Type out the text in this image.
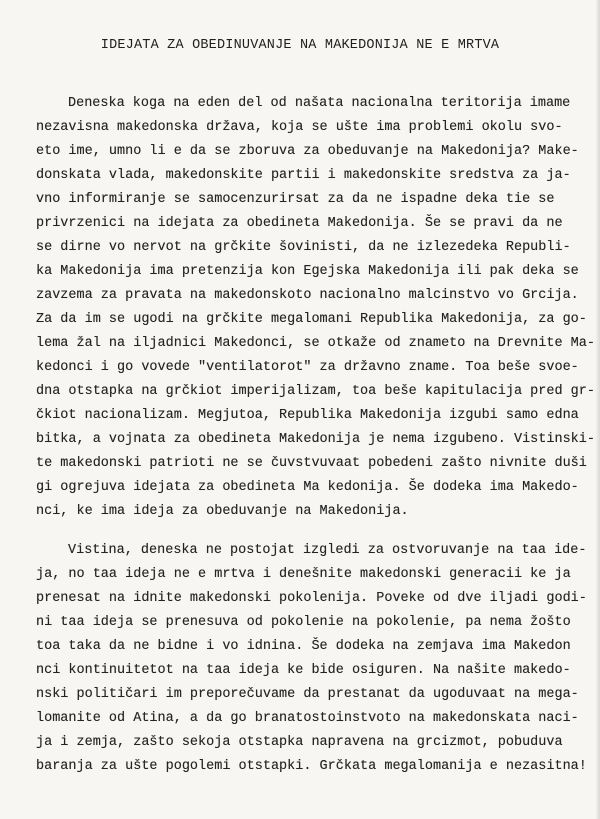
IDEJATA ZA OBEDINUVANJE NA MAKEDONIJA NE E MRTVA
Deneska koga na eden del od našata nacionalna teritorija imame
nezavisna makedonska država, koja se ušte ima problemi okolu svo-
eto ime, umno li e da se zboruva za obeduvanje na Makedonija? Make-
donskata vlada, makedonskite partii i makedonskite sredstva za ja-
vno informiranje se samocenzurirsat za da ne ispadne deka tie se
privrzenici na idejata za obedineta Makedonija. Še se pravi da ne
se dirne vo nervot na grčkite šovinisti, da ne izlezedeka Republi-
ka Makedonija ima pretenzija kon Egejska Makedonija ili pak deka se
zavzema za pravata na makedonskoto nacionalno malcinstvo vo Grcija.
Za da im se ugodi na grčkite megalomani Republika Makedonija, za go-
lema žal na iljadnici Makedonci, se otkaže od znameto na Drevnite Ma-
kedonci i go vovede "ventilatorot" za državno zname. Toa beše svoe-
dna otstapka na grčkiot imperijalizam, toa beše kapitulacija pred gr-
čkiot nacionalizam. Megjutoa, Republika Makedonija izgubi samo edna
bitka, a vojnata za obedineta Makedonija je nema izgubeno. Vistinski-
te makedonski patrioti ne se čuvstvuvaat pobedeni zašto nivnite duši
gi ogrejuva idejata za obedineta Ma kedonija. Še dodeka ima Makedo-
nci, ke ima ideja za obeduvanje na Makedonija.
Vistina, deneska ne postojat izgledi za ostvoruvanje na taa ide-
ja, no taa ideja ne e mrtva i denešnite makedonski generacii ke ja
prenesat na idnite makedonski pokolenija. Poveke od dve iljadi godi-
ni taa ideja se prenesuva od pokolenie na pokolenie, pa nema žošto
toa taka da ne bidne i vo idnina. Še dodeka na zemjava ima Makedon
nci kontinuitetot na taa ideja ke bide osiguren. Na našite makedo-
nski političari im preporečuvame da prestanat da ugoduvaat na mega-
lomanite od Atina, a da go branatostoinstvoto na makedonskata naci-
ja i zemja, zašto sekoja otstapka napravena na grcizmot, pobuduva
baranja za ušte pogolemi otstapki. Grčkata megalomanija e nezasitna!
